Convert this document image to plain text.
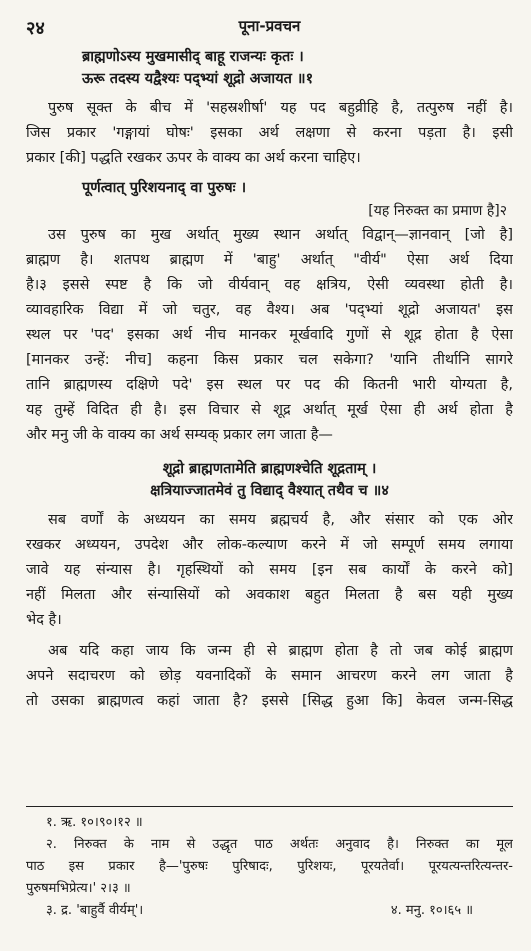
२४	पूना-प्रवचन
ब्राह्मणोऽस्य मुखमासीद् बाहू राजन्यः कृतः ।
ऊरू तदस्य यद्वैश्यः पद्भ्यां शूद्रो अजायत ॥१
पुरुष सूक्त के बीच में 'सहस्रशीर्षा' यह पद बहुव्रीहि है, तत्पुरुष नहीं है।
जिस प्रकार 'गङ्गायां घोषः' इसका अर्थ लक्षणा से करना पड़ता है। इसी
प्रकार [की] पद्धति रखकर ऊपर के वाक्य का अर्थ करना चाहिए।
पूर्णत्वात् पुरिशयनाद् वा पुरुषः ।
[यह निरुक्त का प्रमाण है]२
उस पुरुष का मुख अर्थात् मुख्य स्थान अर्थात् विद्वान्—ज्ञानवान् [जो है]
ब्राह्मण है। शतपथ ब्राह्मण में 'बाहु' अर्थात् "वीर्य" ऐसा अर्थ दिया
है।३ इससे स्पष्ट है कि जो वीर्यवान् वह क्षत्रिय, ऐसी व्यवस्था होती है।
व्यावहारिक विद्या में जो चतुर, वह वैश्य। अब 'पद्भ्यां शूद्रो अजायत' इस
स्थल पर 'पद' इसका अर्थ नीच मानकर मूर्खवादि गुणों से शूद्र होता है ऐसा
[मानकर उन्हें: नीच] कहना किस प्रकार चल सकेगा? 'यानि तीर्थानि सागरे
तानि ब्राह्मणस्य दक्षिणे पदे' इस स्थल पर पद की कितनी भारी योग्यता है,
यह तुम्हें विदित ही है। इस विचार से शूद्र अर्थात् मूर्ख ऐसा ही अर्थ होता है
और मनु जी के वाक्य का अर्थ सम्यक् प्रकार लग जाता है—
शूद्रो ब्राह्मणतामेति ब्राह्मणश्चेति शूद्रताम् ।
क्षत्रियाज्जातमेवं तु विद्याद् वैश्यात् तथैव च ॥४
सब वर्णों के अध्ययन का समय ब्रह्मचर्य है, और संसार को एक ओर
रखकर अध्ययन, उपदेश और लोक-कल्याण करने में जो सम्पूर्ण समय लगाया
जावे यह संन्यास है। गृहस्थियों को समय [इन सब कार्यों के करने को]
नहीं मिलता और संन्यासियों को अवकाश बहुत मिलता है बस यही मुख्य
भेद है।
अब यदि कहा जाय कि जन्म ही से ब्राह्मण होता है तो जब कोई ब्राह्मण
अपने सदाचरण को छोड़ यवनादिकों के समान आचरण करने लग जाता है
तो उसका ब्राह्मणत्व कहां जाता है? इससे [सिद्ध हुआ कि] केवल जन्म-सिद्ध
१. ऋ. १०।९०।१२ ॥
२. निरुक्त के नाम से उद्धृत पाठ अर्थतः अनुवाद है। निरुक्त का मूल
पाठ इस प्रकार है—'पुरुषः पुरिषादः, पुरिशयः, पूरयतेर्वा। पूरयत्यन्तरित्यन्तर-
पुरुषमभिप्रेत्य।' २।३ ॥
३. द्र. 'बाहुर्वै वीर्यम्'।	४. मनु. १०।६५ ॥
